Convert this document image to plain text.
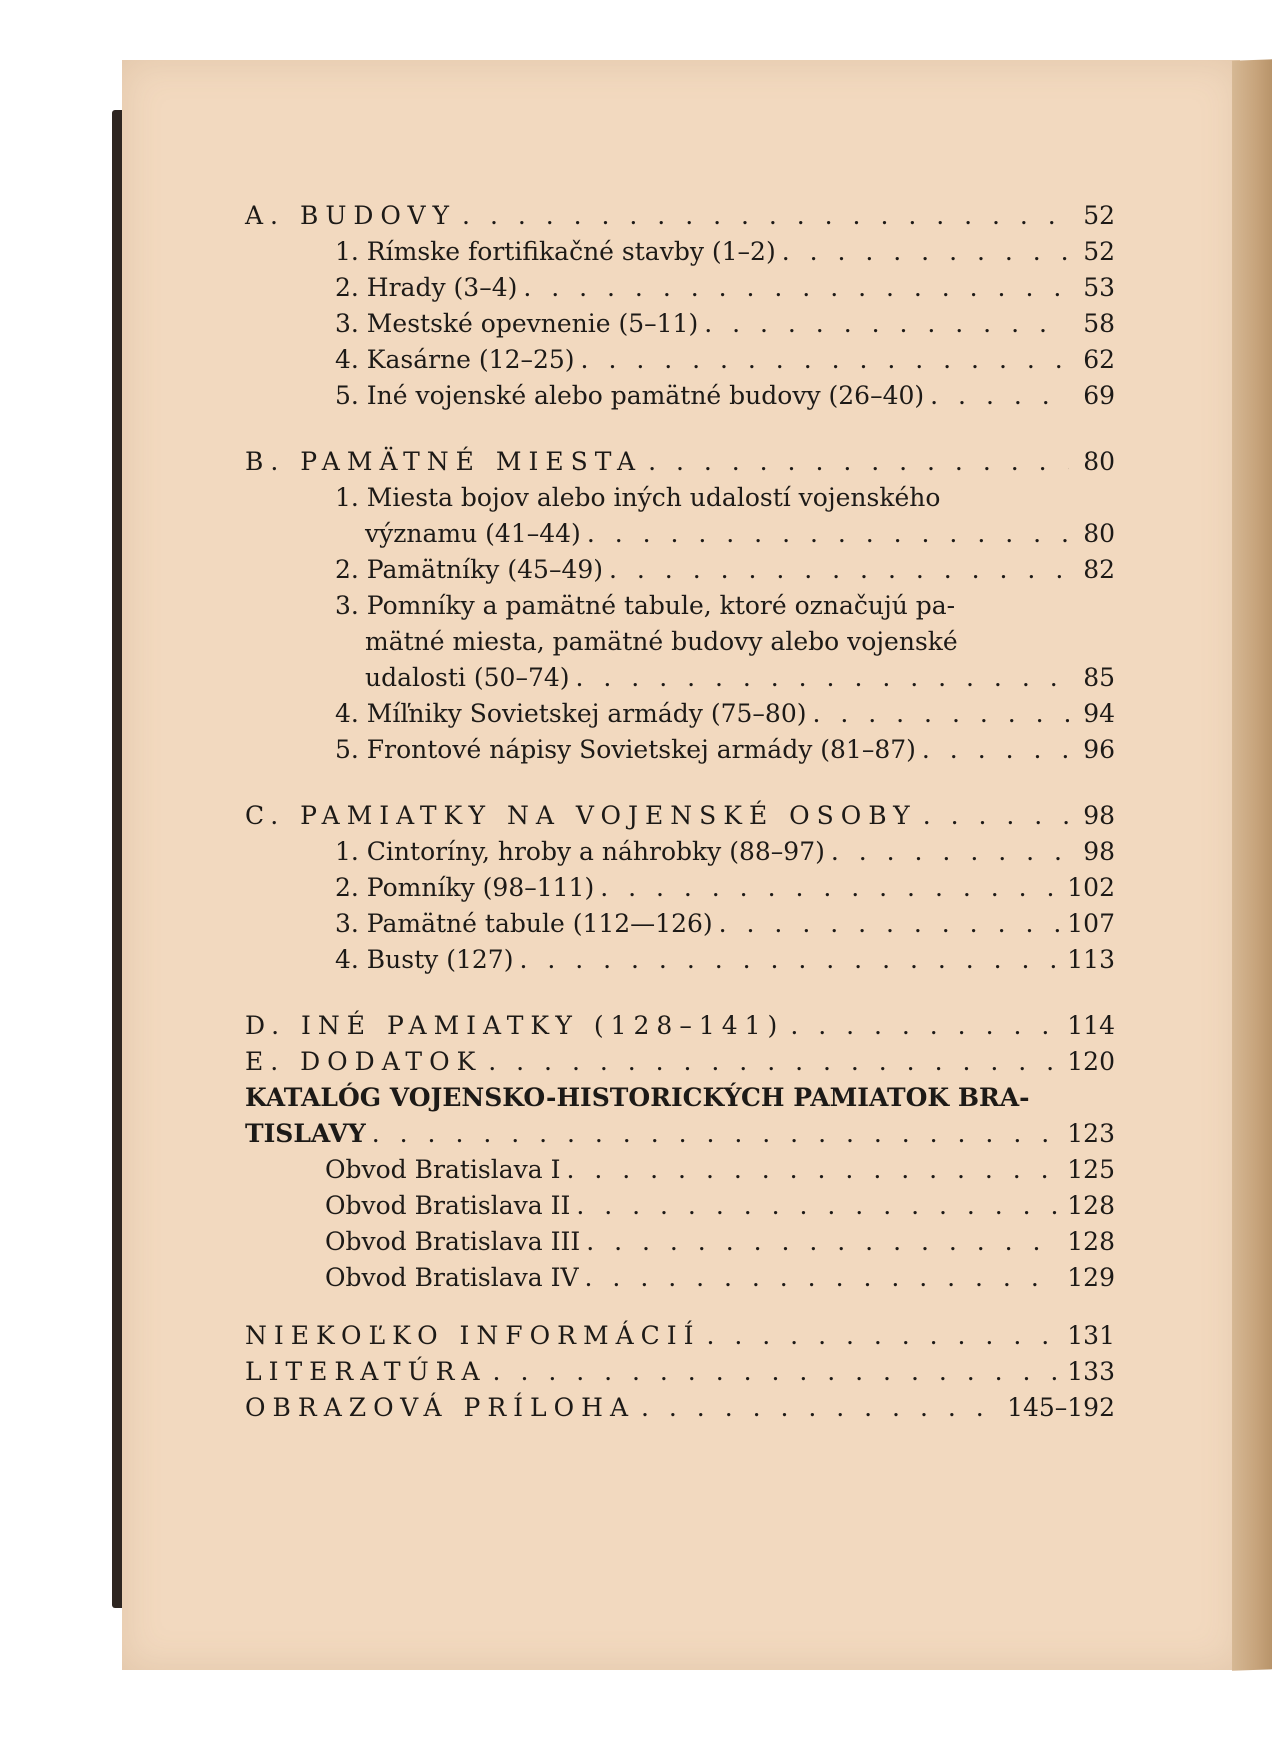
A. BUDOVY . . .	52
1. Rímske fortifikačné stavby (1–2) . . .	52
2. Hrady (3–4) . . .	53
3. Mestské opevnenie (5–11) . . .	58
4. Kasárne (12–25) . . .	62
5. Iné vojenské alebo pamätné budovy (26–40) . . .	69
B. PAMÄTNÉ MIESTA . . .	80
1. Miesta bojov alebo iných udalostí vojenského
významu (41–44) . . .	80
2. Pamätníky (45–49) . . .	82
3. Pomníky a pamätné tabule, ktoré označujú pa-
mätné miesta, pamätné budovy alebo vojenské
udalosti (50–74) . . .	85
4. Míľniky Sovietskej armády (75–80) . . .	94
5. Frontové nápisy Sovietskej armády (81–87) . . .	96
C. PAMIATKY NA VOJENSKÉ OSOBY . . .	98
1. Cintoríny, hroby a náhrobky (88–97) . . .	98
2. Pomníky (98–111) . . .	102
3. Pamätné tabule (112—126) . . .	107
4. Busty (127) . . .	113
D. INÉ PAMIATKY (128–141) . . .	114
E. DODATOK . . .	120
KATALÓG VOJENSKO-HISTORICKÝCH PAMIATOK BRA-
TISLAVY . . .	123
Obvod Bratislava I . . .	125
Obvod Bratislava II . . .	128
Obvod Bratislava III . . .	128
Obvod Bratislava IV . . .	129
NIEKOĽKO INFORMÁCIÍ . . .	131
LITERATÚRA . . .	133
OBRAZOVÁ PRÍLOHA . . .	145–192
